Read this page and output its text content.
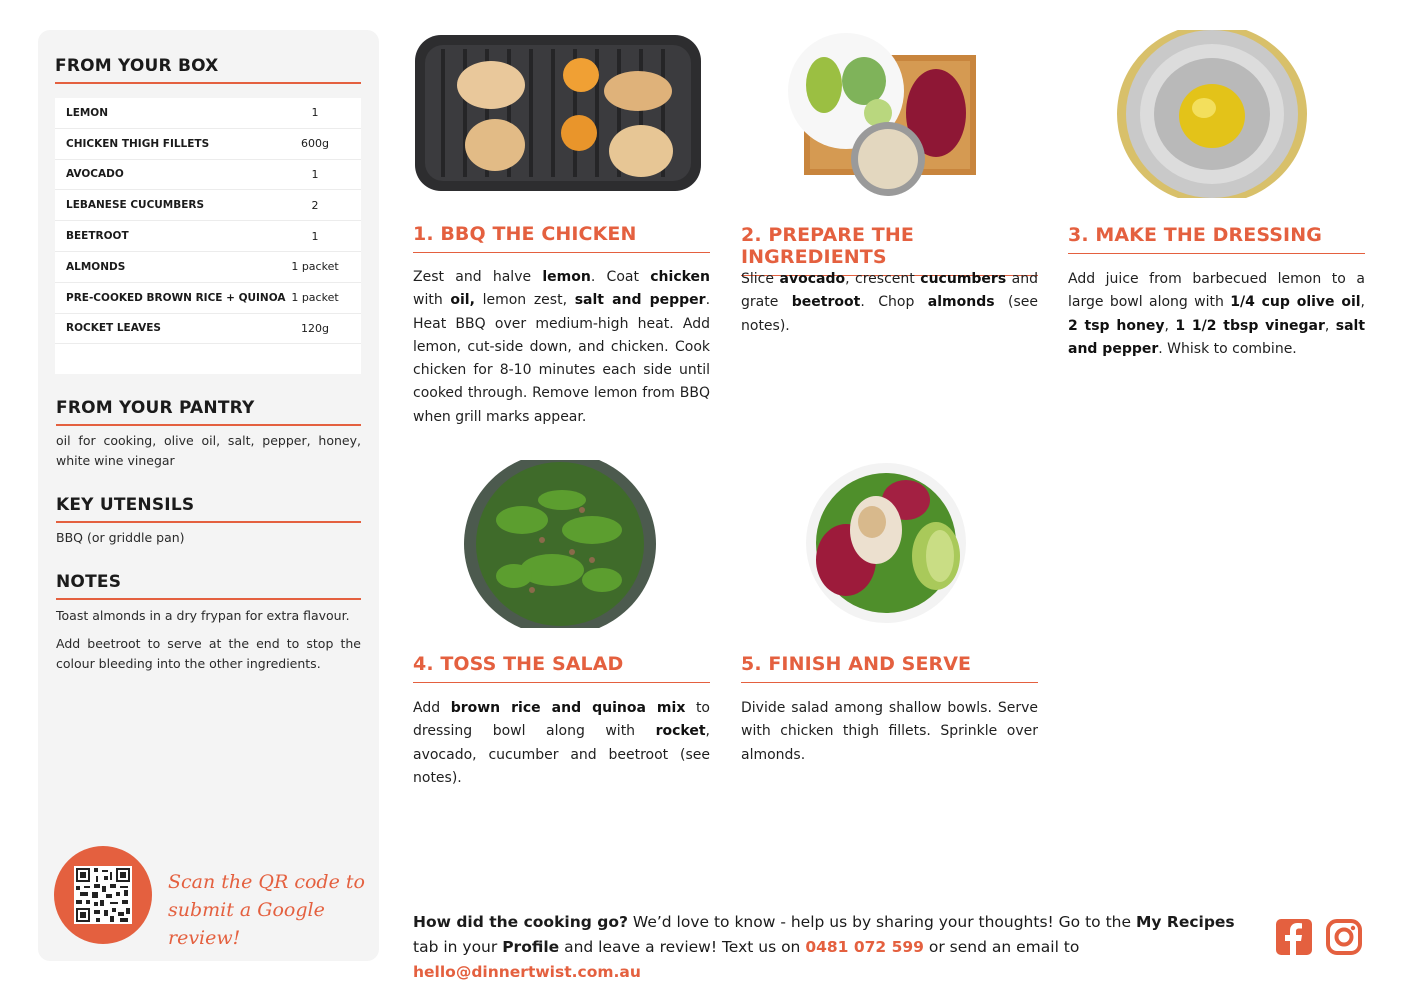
FROM YOUR BOX
LEMON	1
CHICKEN THIGH FILLETS	600g
AVOCADO	1
LEBANESE CUCUMBERS	2
BEETROOT	1
ALMONDS	1 packet
PRE-COOKED BROWN RICE + QUINOA 1 packet
ROCKET LEAVES	120g
FROM YOUR PANTRY
oil for cooking, olive oil, salt, pepper, honey, white wine vinegar
KEY UTENSILS
BBQ (or griddle pan)
NOTES
Toast almonds in a dry frypan for extra flavour.
Add beetroot to serve at the end to stop the colour bleeding into the other ingredients.
Scan the QR code to
submit a Google review!
1. BBQ THE CHICKEN
Zest and halve lemon. Coat chicken with oil, lemon zest, salt and pepper. Heat BBQ over medium-high heat. Add lemon, cut-side down, and chicken. Cook chicken for 8-10 minutes each side until cooked through. Remove lemon from BBQ when grill marks appear.
2. PREPARE THE INGREDIENTS
Slice avocado, crescent cucumbers and grate beetroot. Chop almonds (see notes).
3. MAKE THE DRESSING
Add juice from barbecued lemon to a large bowl along with 1/4 cup olive oil, 2 tsp honey, 1 1/2 tbsp vinegar, salt and pepper. Whisk to combine.
4. TOSS THE SALAD
Add brown rice and quinoa mix to dressing bowl along with rocket, avocado, cucumber and beetroot (see notes).
5. FINISH AND SERVE
Divide salad among shallow bowls. Serve with chicken thigh fillets. Sprinkle over almonds.
How did the cooking go? We’d love to know - help us by sharing your thoughts! Go to the My Recipes tab in your Profile and leave a review! Text us on 0481 072 599 or send an email to hello@dinnertwist.com.au
